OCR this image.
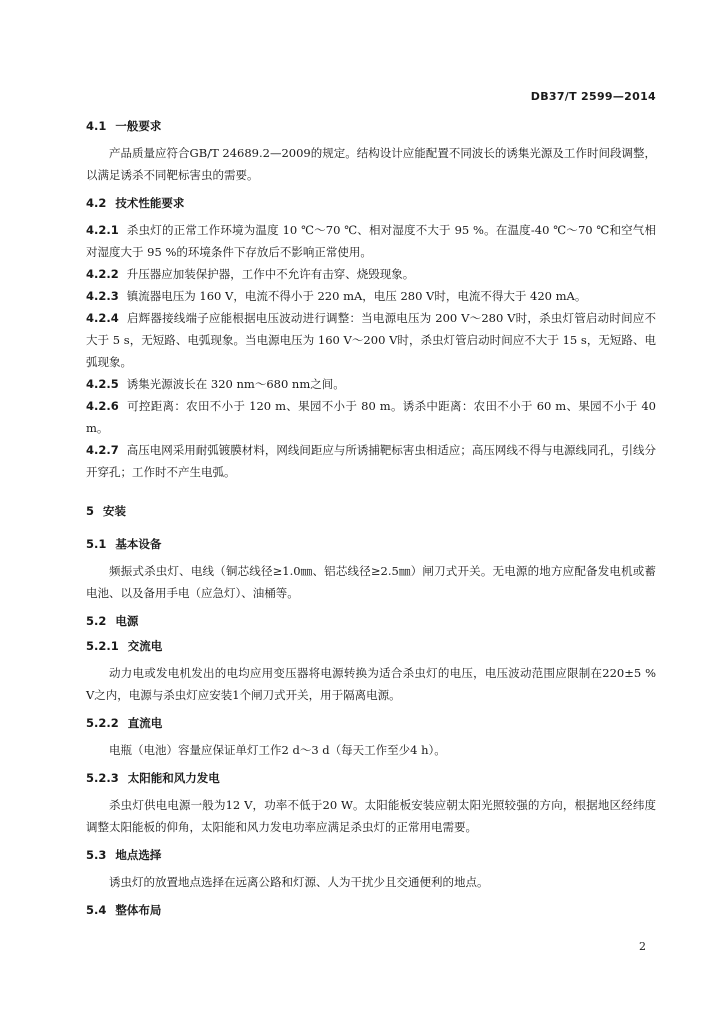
DB37/T 2599—2014
4.1 一般要求

产品质量应符合GB/T 24689.2—2009的规定。结构设计应能配置不同波长的诱集光源及工作时间段调整，以满足诱杀不同靶标害虫的需要。

4.2 技术性能要求

4.2.1 杀虫灯的正常工作环境为温度 10 ℃～70 ℃、相对湿度不大于 95 %。在温度-40 ℃～70 ℃和空气相对湿度大于 95 %的环境条件下存放后不影响正常使用。

4.2.2 升压器应加装保护器，工作中不允许有击穿、烧毁现象。

4.2.3 镇流器电压为 160 V，电流不得小于 220 mA，电压 280 V时，电流不得大于 420 mA。

4.2.4 启辉器接线端子应能根据电压波动进行调整：当电源电压为 200 V～280 V时，杀虫灯管启动时间应不大于 5 s，无短路、电弧现象。当电源电压为 160 V～200 V时，杀虫灯管启动时间应不大于 15 s，无短路、电弧现象。

4.2.5 诱集光源波长在 320 nm～680 nm之间。

4.2.6 可控距离：农田不小于 120 m、果园不小于 80 m。诱杀中距离：农田不小于 60 m、果园不小于 40 m。

4.2.7 高压电网采用耐弧镀膜材料，网线间距应与所诱捕靶标害虫相适应；高压网线不得与电源线同孔，引线分开穿孔；工作时不产生电弧。

5 安装
5.1 基本设备

频振式杀虫灯、电线（铜芯线径≥1.0㎜、铝芯线径≥2.5㎜）闸刀式开关。无电源的地方应配备发电机或蓄电池、以及备用手电（应急灯）、油桶等。

5.2 电源
5.2.1 交流电

动力电或发电机发出的电均应用变压器将电源转换为适合杀虫灯的电压，电压波动范围应限制在220±5 % V之内，电源与杀虫灯应安装1个闸刀式开关，用于隔离电源。

5.2.2 直流电

电瓶（电池）容量应保证单灯工作2 d～3 d（每天工作至少4 h）。

5.2.3 太阳能和风力发电

杀虫灯供电电源一般为12 V，功率不低于20 W。太阳能板安装应朝太阳光照较强的方向，根据地区经纬度调整太阳能板的仰角，太阳能和风力发电功率应满足杀虫灯的正常用电需要。

5.3 地点选择

诱虫灯的放置地点选择在远离公路和灯源、人为干扰少且交通便利的地点。

5.4 整体布局
2
